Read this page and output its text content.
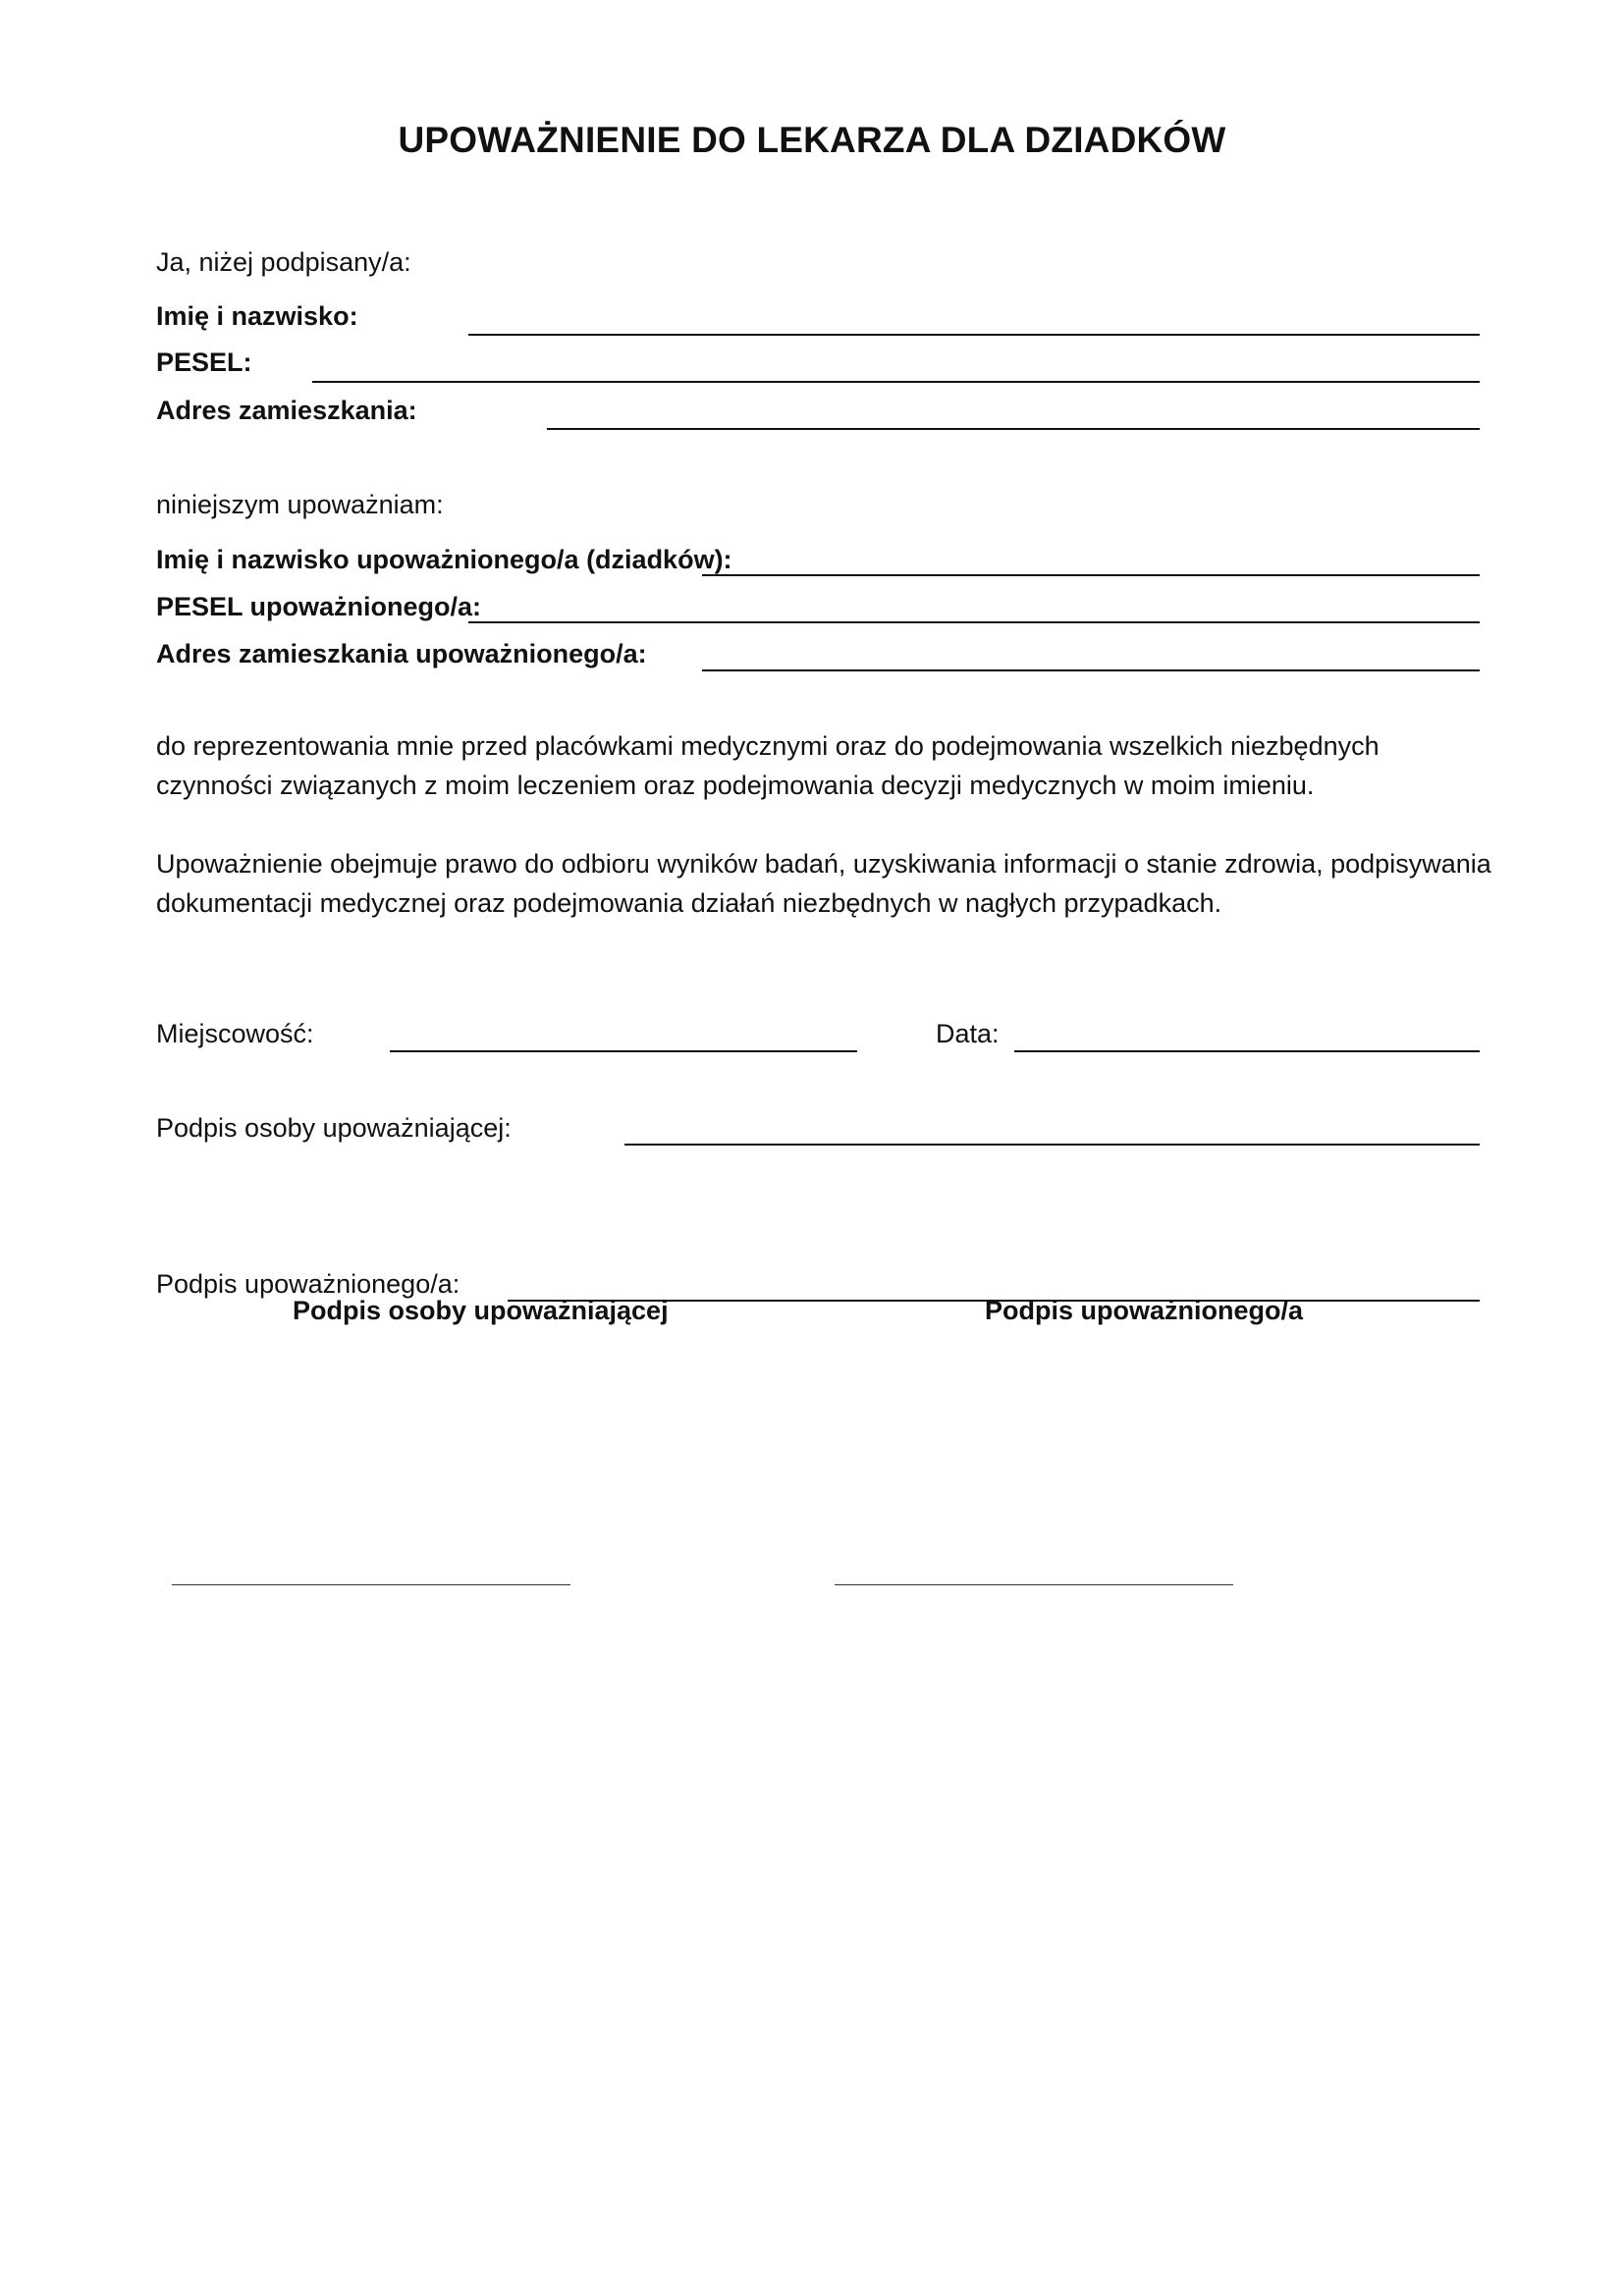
UPOWAŻNIENIE DO LEKARZA DLA DZIADKÓW
Ja, niżej podpisany/a:
Imię i nazwisko:
PESEL:
Adres zamieszkania:
niniejszym upoważniam:
Imię i nazwisko upoważnionego/a (dziadków):
PESEL upoważnionego/a:
Adres zamieszkania upoważnionego/a:
do reprezentowania mnie przed placówkami medycznymi oraz do podejmowania wszelkich niezbędnych czynności związanych z moim leczeniem oraz podejmowania decyzji medycznych w moim imieniu.
Upoważnienie obejmuje prawo do odbioru wyników badań, uzyskiwania informacji o stanie zdrowia, podpisywania dokumentacji medycznej oraz podejmowania działań niezbędnych w nagłych przypadkach.
Miejscowość:	Data:
Podpis osoby upoważniającej:
Podpis upoważnionego/a:
Podpis osoby upoważniającej	Podpis upoważnionego/a
